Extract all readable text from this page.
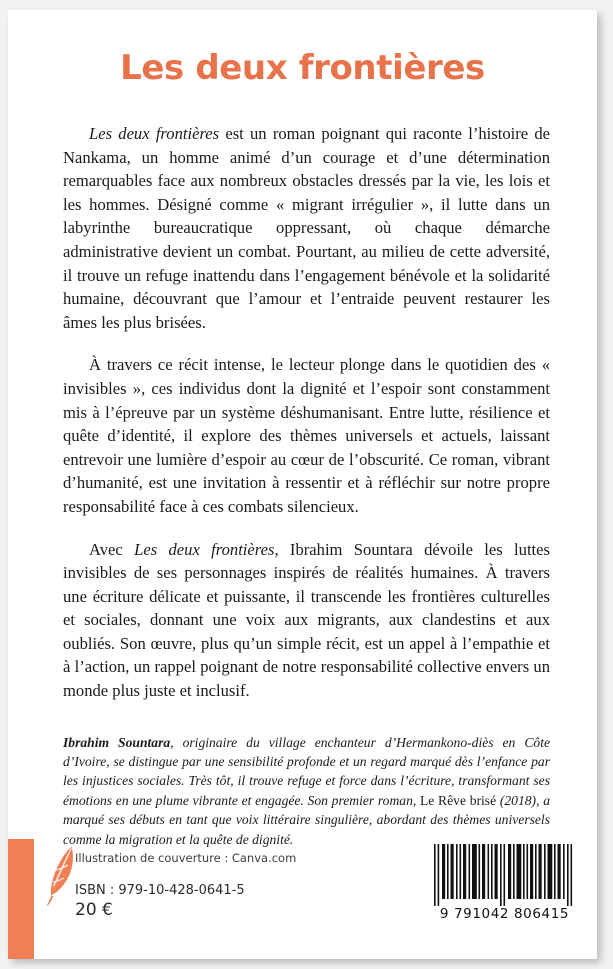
Les deux frontières

Les deux frontières est un roman poignant qui raconte l’histoire de Nankama, un homme animé d’un courage et d’une détermination remarquables face aux nombreux obstacles dressés par la vie, les lois et les hommes. Désigné comme « migrant irrégulier », il lutte dans un labyrinthe bureaucratique oppressant, où chaque démarche administrative devient un combat. Pourtant, au milieu de cette adversité, il trouve un refuge inattendu dans l’engagement bénévole et la solidarité humaine, découvrant que l’amour et l’entraide peuvent restaurer les âmes les plus brisées.

À travers ce récit intense, le lecteur plonge dans le quotidien des « invisibles », ces individus dont la dignité et l’espoir sont constamment mis à l’épreuve par un système déshumanisant. Entre lutte, résilience et quête d’identité, il explore des thèmes universels et actuels, laissant entrevoir une lumière d’espoir au cœur de l’obscurité. Ce roman, vibrant d’humanité, est une invitation à ressentir et à réfléchir sur notre propre responsabilité face à ces combats silencieux.

Avec Les deux frontières, Ibrahim Sountara dévoile les luttes invisibles de ses personnages inspirés de réalités humaines. À travers une écriture délicate et puissante, il transcende les frontières culturelles et sociales, donnant une voix aux migrants, aux clandestins et aux oubliés. Son œuvre, plus qu’un simple récit, est un appel à l’empathie et à l’action, un rappel poignant de notre responsabilité collective envers un monde plus juste et inclusif.

Ibrahim Sountara, originaire du village enchanteur d’Hermankono-diès en Côte d’Ivoire, se distingue par une sensibilité profonde et un regard marqué dès l’enfance par les injustices sociales. Très tôt, il trouve refuge et force dans l’écriture, transformant ses émotions en une plume vibrante et engagée. Son premier roman, Le Rêve brisé (2018), a marqué ses débuts en tant que voix littéraire singulière, abordant des thèmes universels comme la migration et la quête de dignité.

Illustration de couverture : Canva.com
ISBN : 979-10-428-0641-5
20 €	9 791042 806415
